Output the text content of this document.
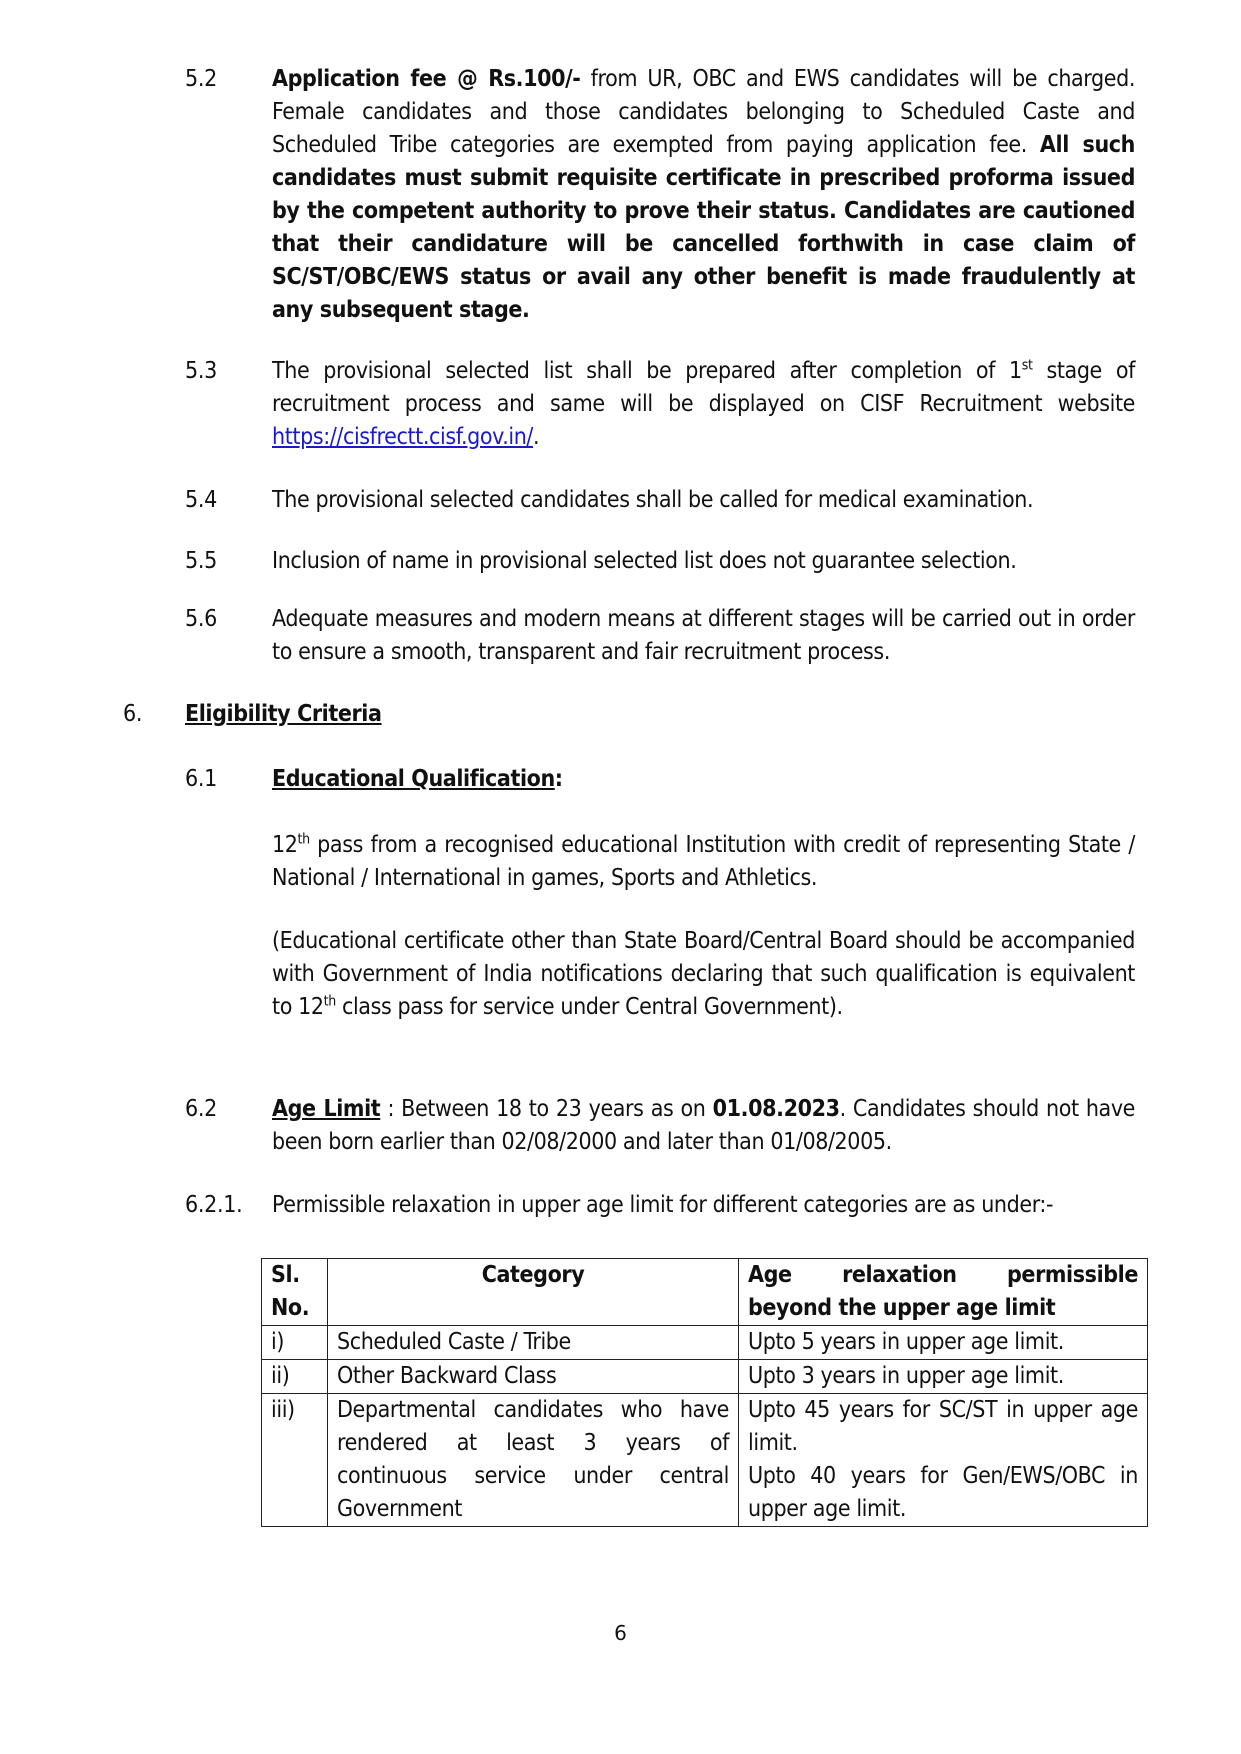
5.2 Application fee @ Rs.100/- from UR, OBC and EWS candidates will be charged. Female candidates and those candidates belonging to Scheduled Caste and Scheduled Tribe categories are exempted from paying application fee. All such candidates must submit requisite certificate in prescribed proforma issued by the competent authority to prove their status. Candidates are cautioned that their candidature will be cancelled forthwith in case claim of SC/ST/OBC/EWS status or avail any other benefit is made fraudulently at any subsequent stage.
5.3 The provisional selected list shall be prepared after completion of 1st stage of recruitment process and same will be displayed on CISF Recruitment website https://cisfrectt.cisf.gov.in/.
5.4 The provisional selected candidates shall be called for medical examination.
5.5 Inclusion of name in provisional selected list does not guarantee selection.
5.6 Adequate measures and modern means at different stages will be carried out in order to ensure a smooth, transparent and fair recruitment process.
6. Eligibility Criteria
6.1 Educational Qualification:
12th pass from a recognised educational Institution with credit of representing State / National / International in games, Sports and Athletics.
(Educational certificate other than State Board/Central Board should be accompanied with Government of India notifications declaring that such qualification is equivalent to 12th class pass for service under Central Government).
6.2 Age Limit : Between 18 to 23 years as on 01.08.2023. Candidates should not have been born earlier than 02/08/2000 and later than 01/08/2005.
6.2.1. Permissible relaxation in upper age limit for different categories are as under:-
Sl. No.	Category	Age relaxation permissible beyond the upper age limit
i)	Scheduled Caste / Tribe	Upto 5 years in upper age limit.
ii)	Other Backward Class	Upto 3 years in upper age limit.
iii)	Departmental candidates who have rendered at least 3 years of continuous service under central Government	Upto 45 years for SC/ST in upper age limit.
Upto 40 years for Gen/EWS/OBC in upper age limit.
6
